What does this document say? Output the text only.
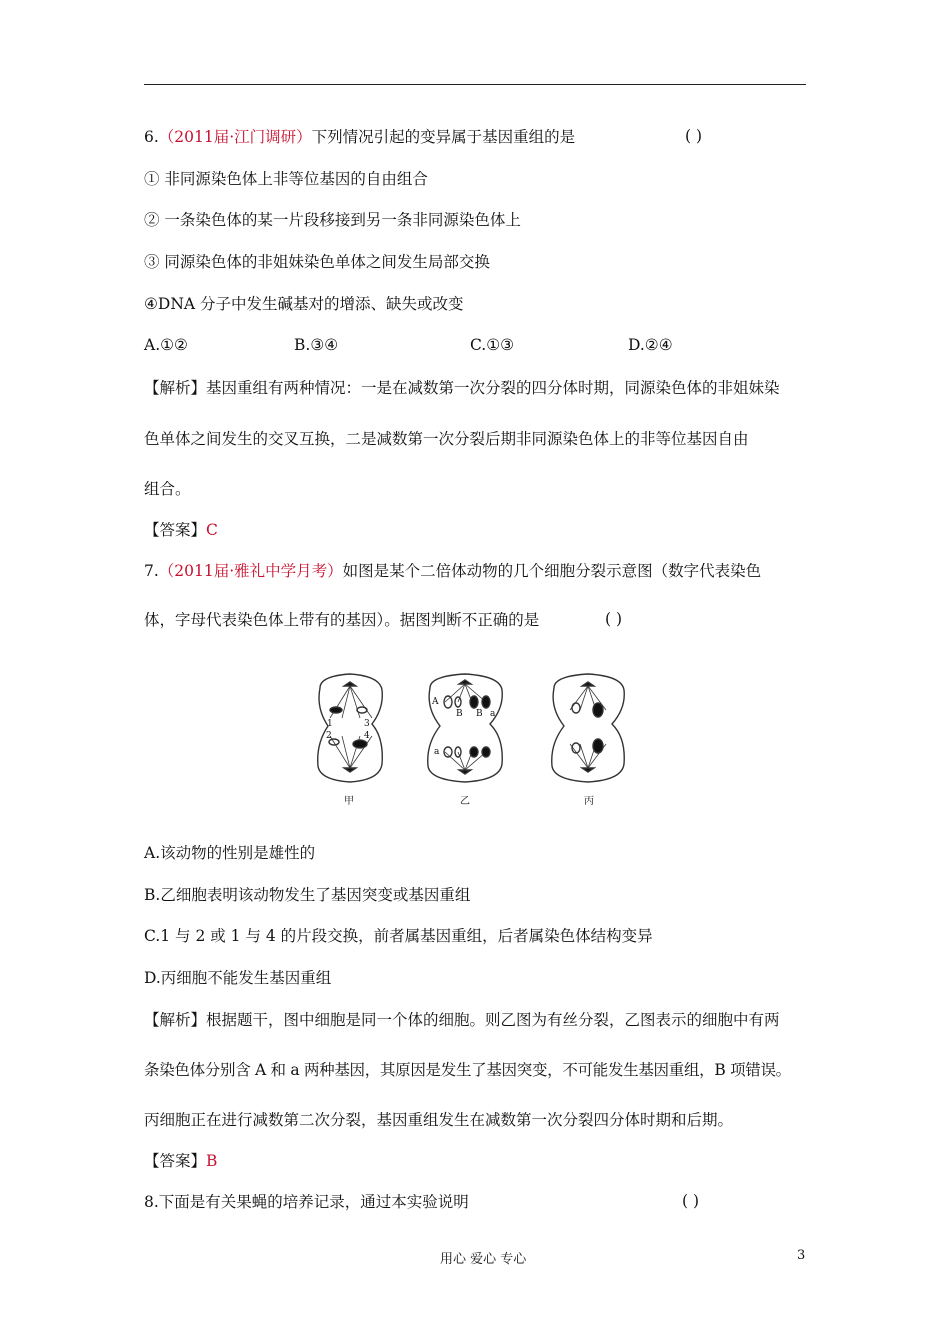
6.（2011届·江门调研）下列情况引起的变异属于基因重组的是	( )
① 非同源染色体上非等位基因的自由组合
② 一条染色体的某一片段移接到另一条非同源染色体上
③ 同源染色体的非姐妹染色单体之间发生局部交换
④DNA 分子中发生碱基对的增添、缺失或改变
A.①②	B.③④	C.①③	D.②④
【解析】基因重组有两种情况：一是在减数第一次分裂的四分体时期，同源染色体的非姐妹染
色单体之间发生的交叉互换，二是减数第一次分裂后期非同源染色体上的非等位基因自由
组合。
【答案】C
7.（2011届·雅礼中学月考）如图是某个二倍体动物的几个细胞分裂示意图（数字代表染色
体，字母代表染色体上带有的基因）。据图判断不正确的是	( )
1	3
2	4
甲
A
B B a
a
乙	丙
A.该动物的性别是雄性的
B.乙细胞表明该动物发生了基因突变或基因重组
C.1 与 2 或 1 与 4 的片段交换，前者属基因重组，后者属染色体结构变异
D.丙细胞不能发生基因重组
【解析】根据题干，图中细胞是同一个体的细胞。则乙图为有丝分裂，乙图表示的细胞中有两
条染色体分别含 A 和 a 两种基因，其原因是发生了基因突变，不可能发生基因重组，B 项错误。
丙细胞正在进行减数第二次分裂，基因重组发生在减数第一次分裂四分体时期和后期。
【答案】B
8.下面是有关果蝇的培养记录，通过本实验说明	( )
用心 爱心 专心	3
